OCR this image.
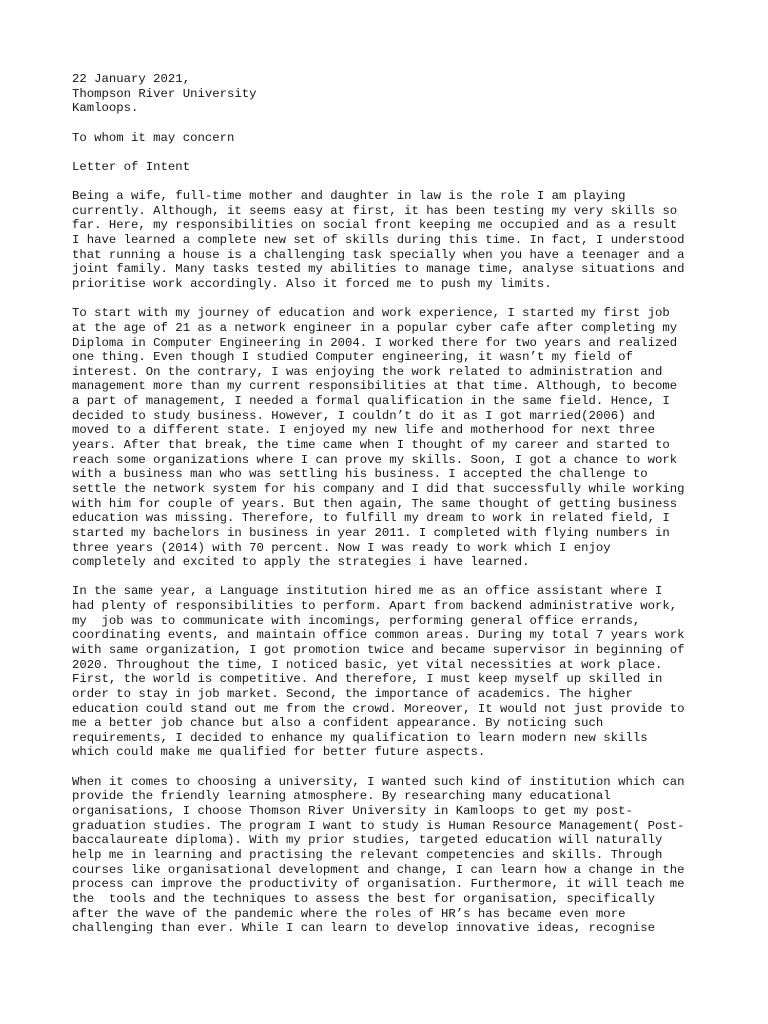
22 January 2021,
Thompson River University
Kamloops.
To whom it may concern
Letter of Intent
Being a wife, full-time mother and daughter in law is the role I am playing
currently. Although, it seems easy at first, it has been testing my very skills so
far. Here, my responsibilities on social front keeping me occupied and as a result
I have learned a complete new set of skills during this time. In fact, I understood
that running a house is a challenging task specially when you have a teenager and a
joint family. Many tasks tested my abilities to manage time, analyse situations and
prioritise work accordingly. Also it forced me to push my limits.
To start with my journey of education and work experience, I started my first job
at the age of 21 as a network engineer in a popular cyber cafe after completing my
Diploma in Computer Engineering in 2004. I worked there for two years and realized
one thing. Even though I studied Computer engineering, it wasn’t my field of
interest. On the contrary, I was enjoying the work related to administration and
management more than my current responsibilities at that time. Although, to become
a part of management, I needed a formal qualification in the same field. Hence, I
decided to study business. However, I couldn’t do it as I got married(2006) and
moved to a different state. I enjoyed my new life and motherhood for next three
years. After that break, the time came when I thought of my career and started to
reach some organizations where I can prove my skills. Soon, I got a chance to work
with a business man who was settling his business. I accepted the challenge to
settle the network system for his company and I did that successfully while working
with him for couple of years. But then again, The same thought of getting business
education was missing. Therefore, to fulfill my dream to work in related field, I
started my bachelors in business in year 2011. I completed with flying numbers in
three years (2014) with 70 percent. Now I was ready to work which I enjoy
completely and excited to apply the strategies i have learned.
In the same year, a Language institution hired me as an office assistant where I
had plenty of responsibilities to perform. Apart from backend administrative work,
my  job was to communicate with incomings, performing general office errands,
coordinating events, and maintain office common areas. During my total 7 years work
with same organization, I got promotion twice and became supervisor in beginning of
2020. Throughout the time, I noticed basic, yet vital necessities at work place.
First, the world is competitive. And therefore, I must keep myself up skilled in
order to stay in job market. Second, the importance of academics. The higher
education could stand out me from the crowd. Moreover, It would not just provide to
me a better job chance but also a confident appearance. By noticing such
requirements, I decided to enhance my qualification to learn modern new skills
which could make me qualified for better future aspects.
When it comes to choosing a university, I wanted such kind of institution which can
provide the friendly learning atmosphere. By researching many educational
organisations, I choose Thomson River University in Kamloops to get my post-
graduation studies. The program I want to study is Human Resource Management( Post-
baccalaureate diploma). With my prior studies, targeted education will naturally
help me in learning and practising the relevant competencies and skills. Through
courses like organisational development and change, I can learn how a change in the
process can improve the productivity of organisation. Furthermore, it will teach me
the  tools and the techniques to assess the best for organisation, specifically
after the wave of the pandemic where the roles of HR’s has became even more
challenging than ever. While I can learn to develop innovative ideas, recognise
